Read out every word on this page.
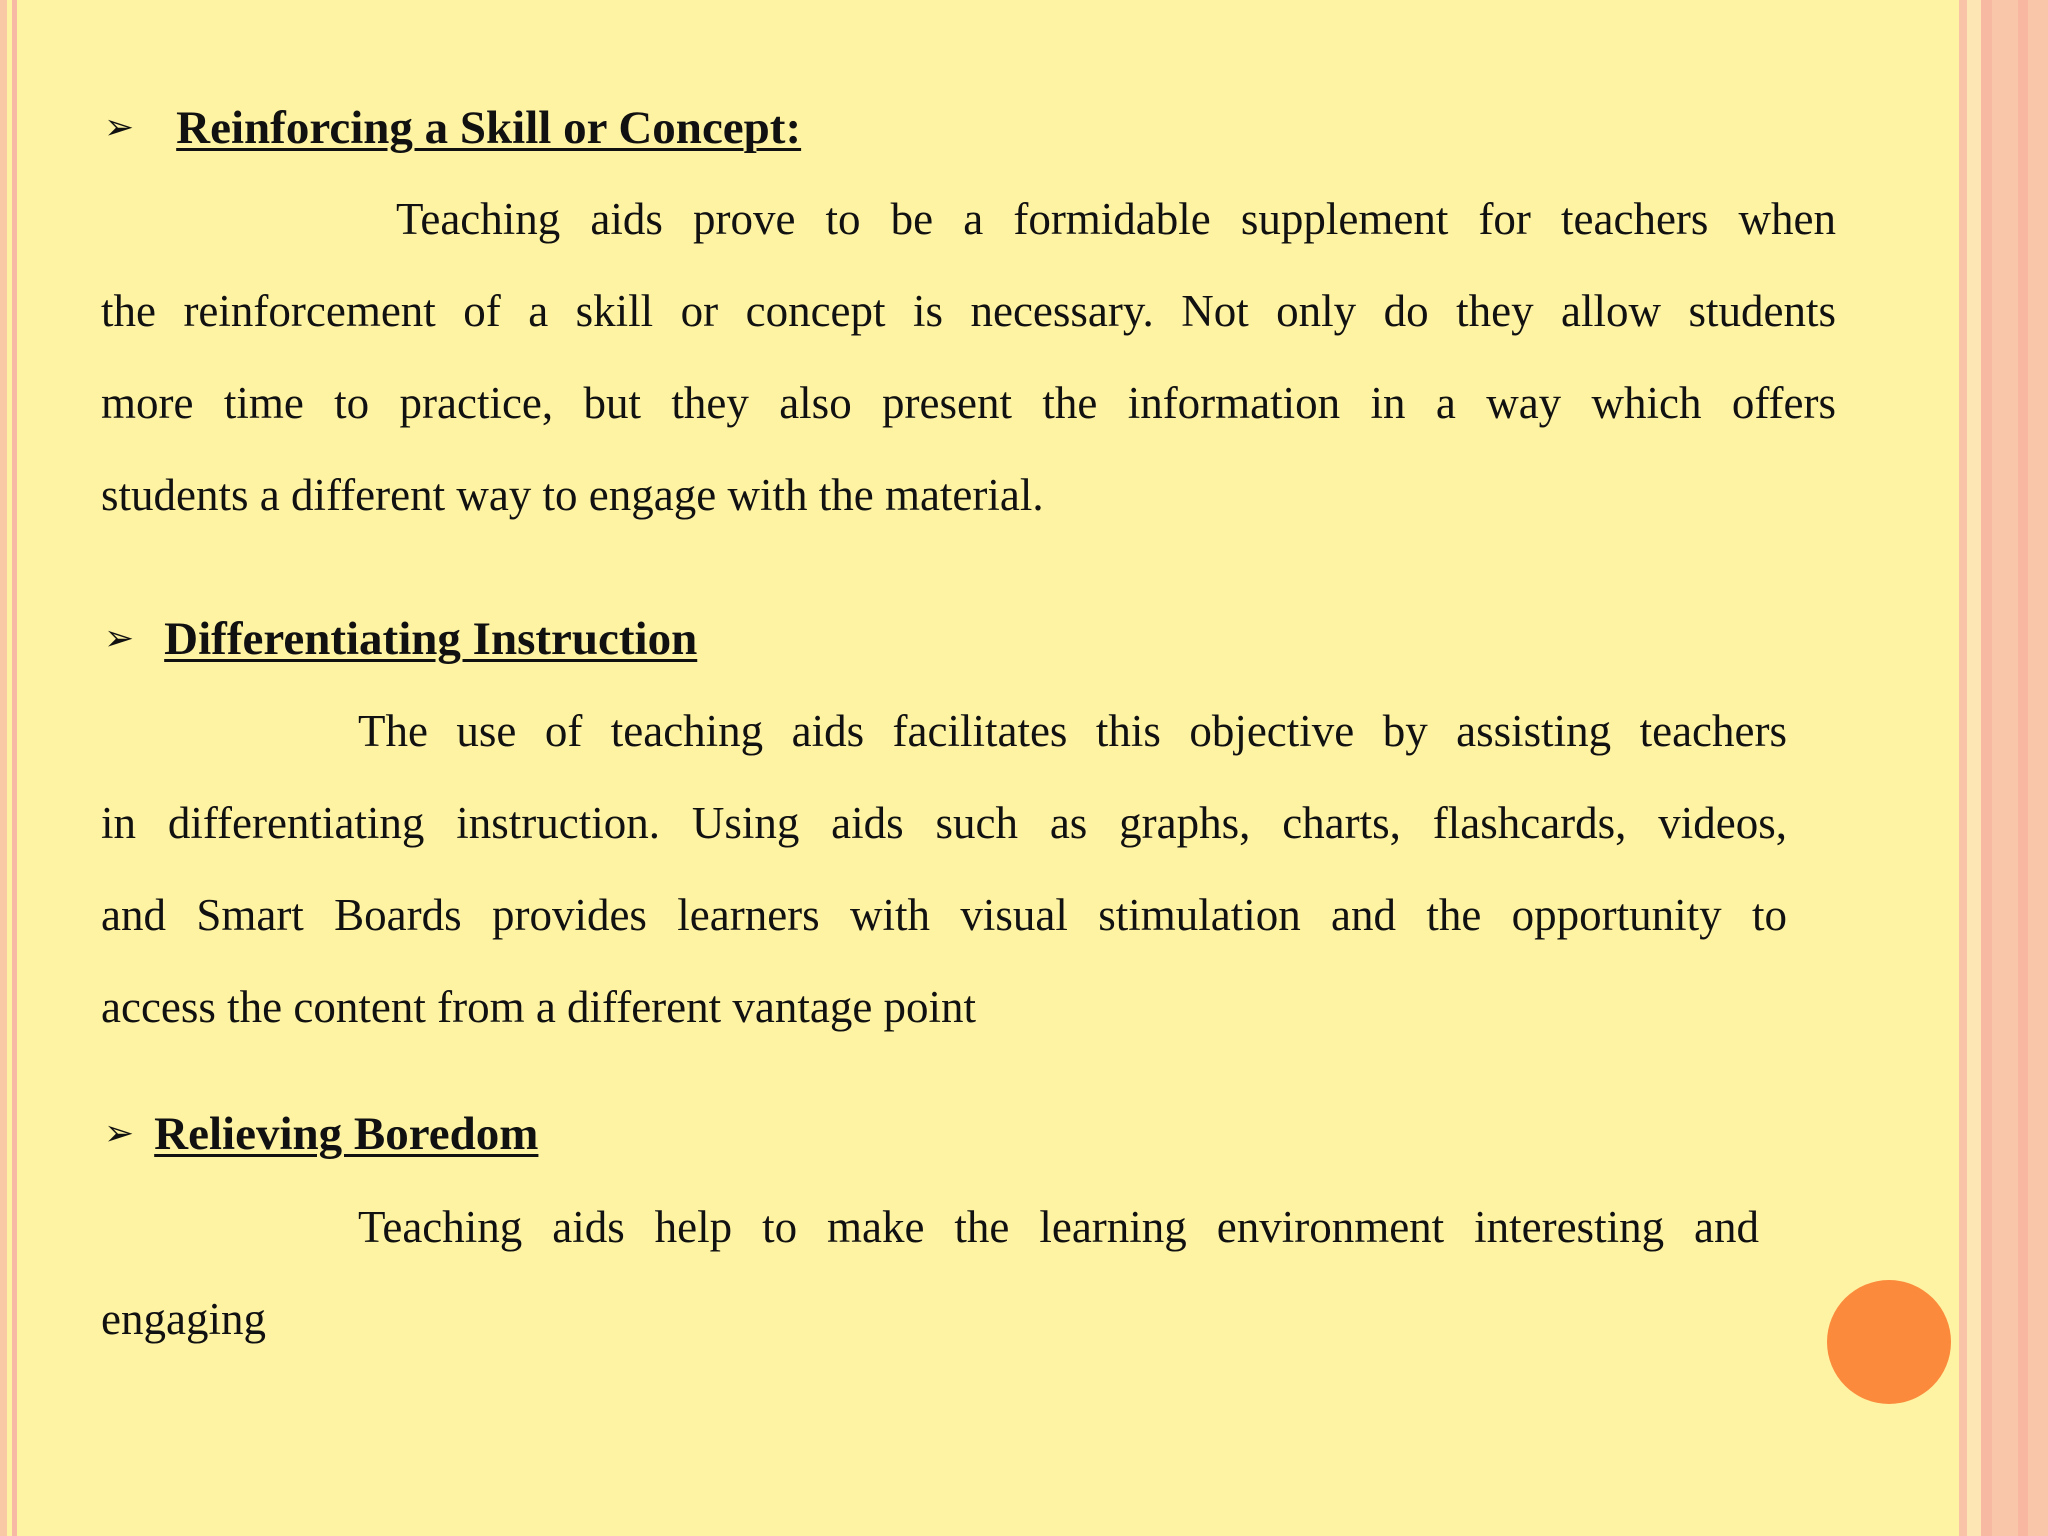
➢ Reinforcing a Skill or Concept:
Teaching aids prove to be a formidable supplement for teachers when
the reinforcement of a skill or concept is necessary. Not only do they allow students
more time to practice, but they also present the information in a way which offers
students a different way to engage with the material.
➢ Differentiating Instruction
The use of teaching aids facilitates this objective by assisting teachers
in differentiating instruction. Using aids such as graphs, charts, flashcards, videos,
and Smart Boards provides learners with visual stimulation and the opportunity to
access the content from a different vantage point
➢ Relieving Boredom
Teaching aids help to make the learning environment interesting and
engaging
